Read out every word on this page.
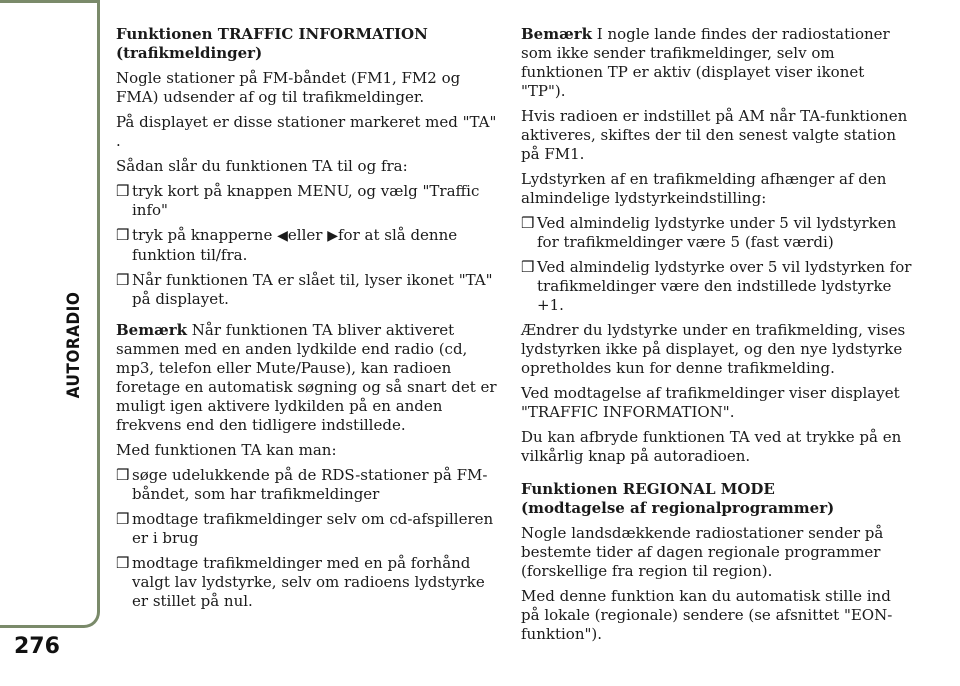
AUTORADIO
276
Funktionen TRAFFIC INFORMATION
(trafikmeldinger)

Nogle stationer på FM-båndet (FM1, FM2 og FMA) udsender af og til trafikmeldinger.

På displayet er disse stationer markeret med "TA" .

Sådan slår du funktionen TA til og fra:

❒ tryk kort på knappen MENU, og vælg "Traffic info"
❒ tryk på knapperne ◀eller ▶for at slå denne funktion til/fra.
❒ Når funktionen TA er slået til, lyser ikonet "TA" på displayet.

Bemærk Når funktionen TA bliver aktiveret sammen med en anden lydkilde end radio (cd, mp3, telefon eller Mute/Pause), kan radioen foretage en automatisk søgning og så snart det er muligt igen aktivere lydkilden på en anden frekvens end den tidligere indstillede.

Med funktionen TA kan man:

❒ søge udelukkende på de RDS-stationer på FM-båndet, som har trafikmeldinger
❒ modtage trafikmeldinger selv om cd-afspilleren er i brug
❒ modtage trafikmeldinger med en på forhånd valgt lav lydstyrke, selv om radioens lydstyrke er stillet på nul.

Bemærk I nogle lande findes der radiostationer som ikke sender trafikmeldinger, selv om funktionen TP er aktiv (displayet viser ikonet "TP").

Hvis radioen er indstillet på AM når TA-funktionen aktiveres, skiftes der til den senest valgte station på FM1.

Lydstyrken af en trafikmelding afhænger af den almindelige lydstyrkeindstilling:

❒ Ved almindelig lydstyrke under 5 vil lydstyrken for trafikmeldinger være 5 (fast værdi)
❒ Ved almindelig lydstyrke over 5 vil lydstyrken for trafikmeldinger være den indstillede lydstyrke +1.

Ændrer du lydstyrke under en trafikmelding, vises lydstyrken ikke på displayet, og den nye lydstyrke opretholdes kun for denne trafikmelding.

Ved modtagelse af trafikmeldinger viser displayet "TRAFFIC INFORMATION".

Du kan afbryde funktionen TA ved at trykke på en vilkårlig knap på autoradioen.

Funktionen REGIONAL MODE
(modtagelse af regionalprogrammer)

Nogle landsdækkende radiostationer sender på bestemte tider af dagen regionale programmer (forskellige fra region til region).

Med denne funktion kan du automatisk stille ind på lokale (regionale) sendere (se afsnittet "EON-funktion").
